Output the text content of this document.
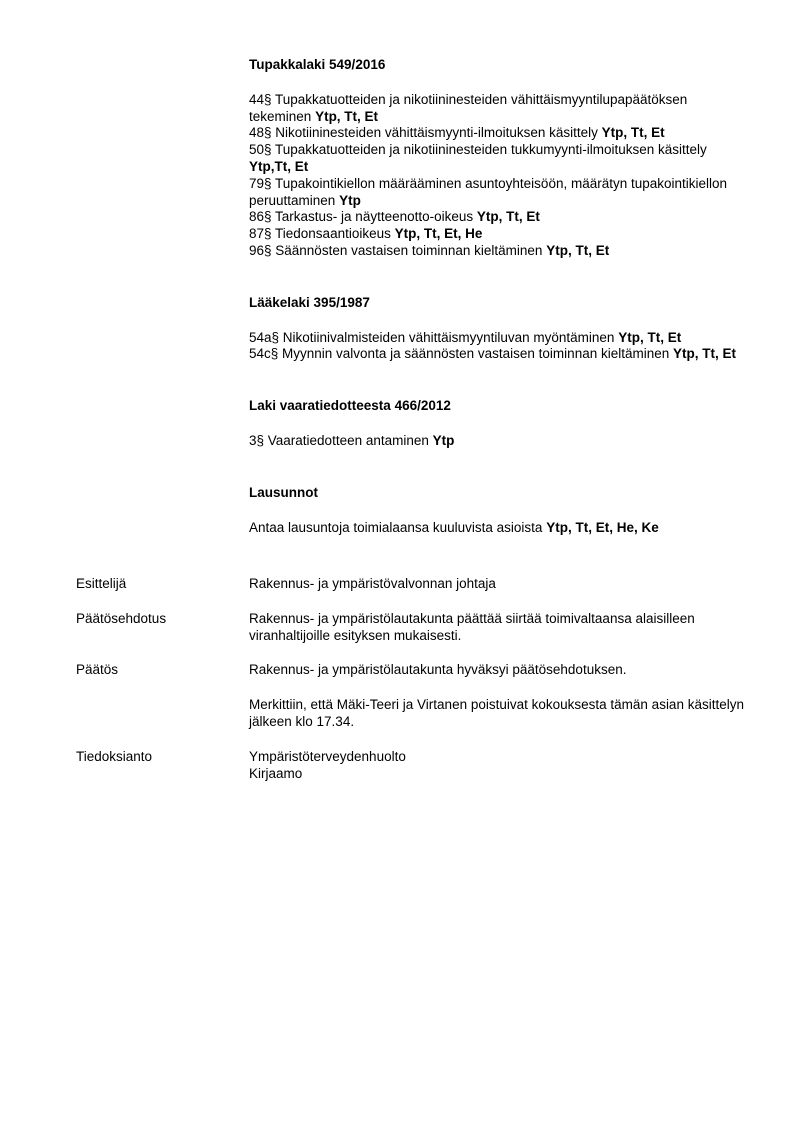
Tupakkalaki 549/2016

44§ Tupakkatuotteiden ja nikotiininesteiden vähittäismyyntilupapäätöksen tekeminen Ytp, Tt, Et

48§ Nikotiininesteiden vähittäismyynti-ilmoituksen käsittely Ytp, Tt, Et

50§ Tupakkatuotteiden ja nikotiininesteiden tukkumyynti-ilmoituksen käsittely Ytp,Tt, Et

79§ Tupakointikiellon määrääminen asuntoyhteisöön, määrätyn tupakointikiellon peruuttaminen Ytp

86§ Tarkastus- ja näytteenotto-oikeus Ytp, Tt, Et

87§ Tiedonsaantioikeus Ytp, Tt, Et, He

96§ Säännösten vastaisen toiminnan kieltäminen Ytp, Tt, Et

Lääkelaki 395/1987

54a§ Nikotiinivalmisteiden vähittäismyyntiluvan myöntäminen Ytp, Tt, Et

54c§ Myynnin valvonta ja säännösten vastaisen toiminnan kieltäminen Ytp, Tt, Et

Laki vaaratiedotteesta 466/2012

3§ Vaaratiedotteen antaminen Ytp

Lausunnot

Antaa lausuntoja toimialaansa kuuluvista asioista Ytp, Tt, Et, He, Ke

Esittelijä	Rakennus- ja ympäristövalvonnan johtaja

Päätösehdotus	Rakennus- ja ympäristölautakunta päättää siirtää toimivaltaansa alaisilleen viranhaltijoille esityksen mukaisesti.

Päätös	Rakennus- ja ympäristölautakunta hyväksyi päätösehdotuksen.

Merkittiin, että Mäki-Teeri ja Virtanen poistuivat kokouksesta tämän asian käsittelyn jälkeen klo 17.34.

Tiedoksianto	Ympäristöterveydenhuolto
Kirjaamo
